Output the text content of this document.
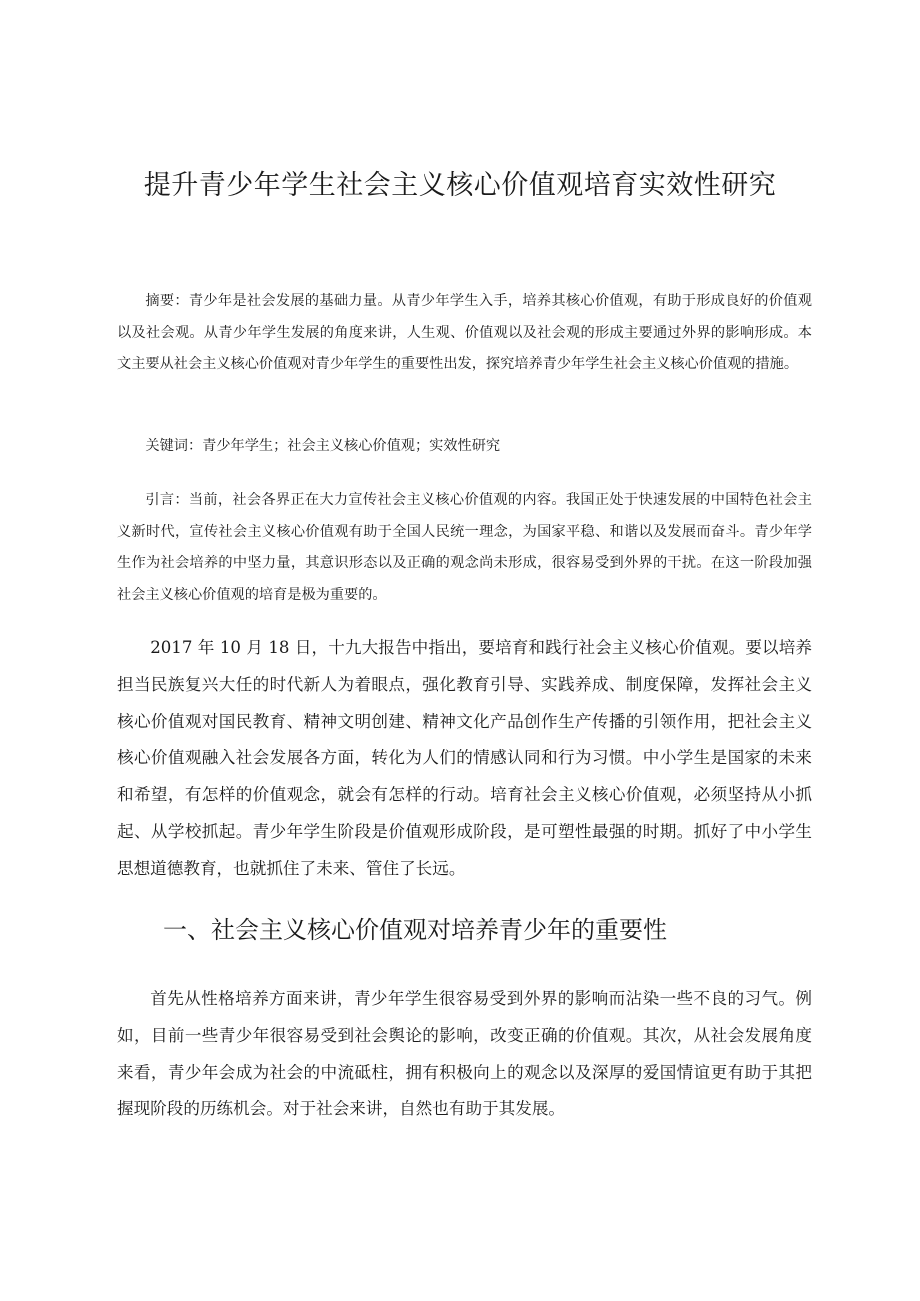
提升青少年学生社会主义核心价值观培育实效性研究

摘要：青少年是社会发展的基础力量。从青少年学生入手，培养其核心价值观，有助于形成良好的价值观以及社会观。从青少年学生发展的角度来讲，人生观、价值观以及社会观的形成主要通过外界的影响形成。本文主要从社会主义核心价值观对青少年学生的重要性出发，探究培养青少年学生社会主义核心价值观的措施。

关键词：青少年学生；社会主义核心价值观；实效性研究

引言：当前，社会各界正在大力宣传社会主义核心价值观的内容。我国正处于快速发展的中国特色社会主义新时代，宣传社会主义核心价值观有助于全国人民统一理念，为国家平稳、和谐以及发展而奋斗。青少年学生作为社会培养的中坚力量，其意识形态以及正确的观念尚未形成，很容易受到外界的干扰。在这一阶段加强社会主义核心价值观的培育是极为重要的。

2017 年 10 月 18 日，十九大报告中指出，要培育和践行社会主义核心价值观。要以培养担当民族复兴大任的时代新人为着眼点，强化教育引导、实践养成、制度保障，发挥社会主义核心价值观对国民教育、精神文明创建、精神文化产品创作生产传播的引领作用，把社会主义核心价值观融入社会发展各方面，转化为人们的情感认同和行为习惯。中小学生是国家的未来和希望，有怎样的价值观念，就会有怎样的行动。培育社会主义核心价值观，必须坚持从小抓起、从学校抓起。青少年学生阶段是价值观形成阶段，是可塑性最强的时期。抓好了中小学生思想道德教育，也就抓住了未来、管住了长远。

一、社会主义核心价值观对培养青少年的重要性

首先从性格培养方面来讲，青少年学生很容易受到外界的影响而沾染一些不良的习气。例如，目前一些青少年很容易受到社会舆论的影响，改变正确的价值观。其次，从社会发展角度来看，青少年会成为社会的中流砥柱，拥有积极向上的观念以及深厚的爱国情谊更有助于其把握现阶段的历练机会。对于社会来讲，自然也有助于其发展。
